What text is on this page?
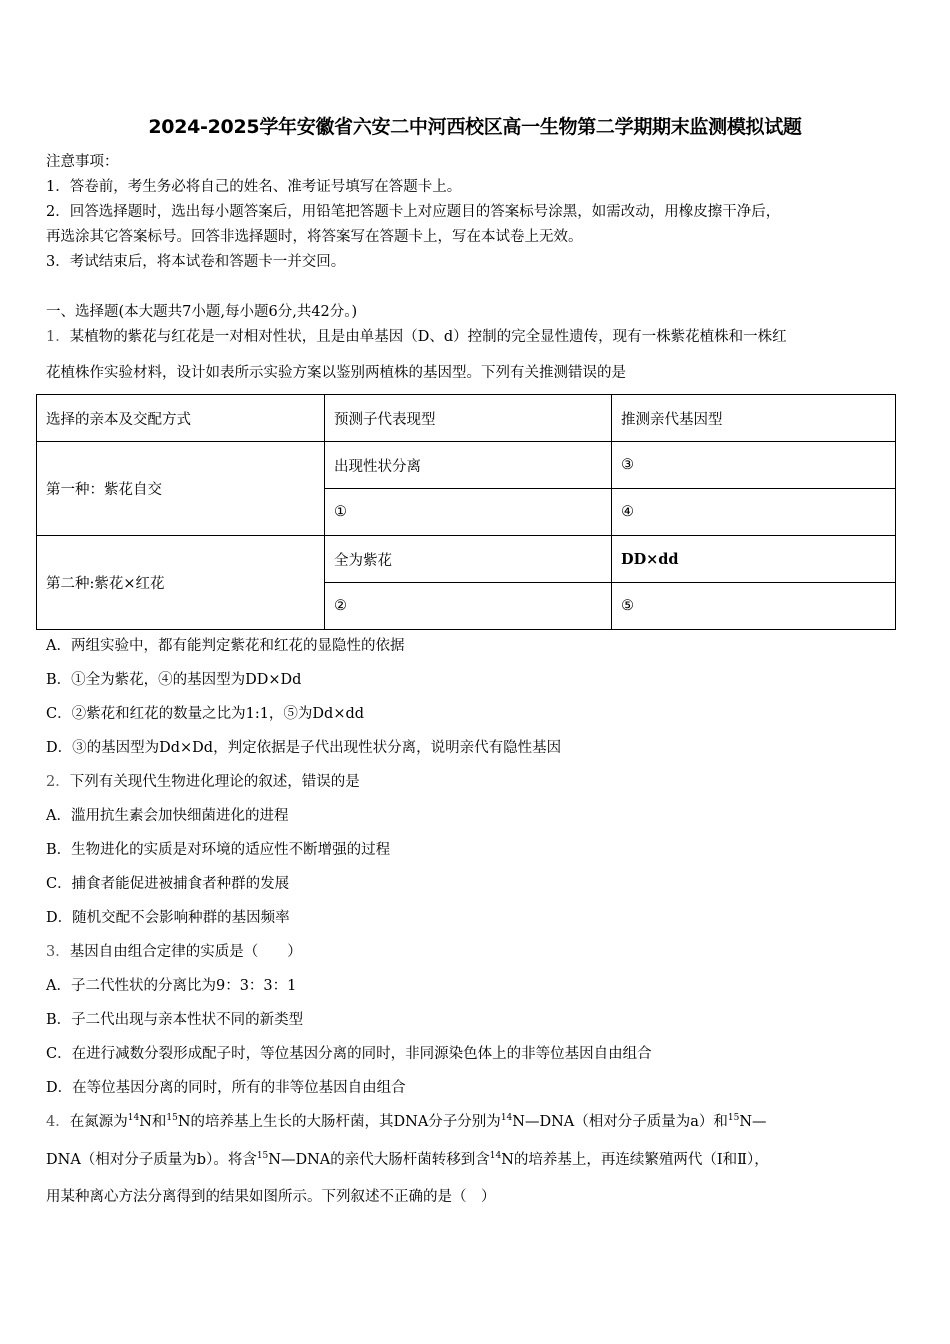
2024-2025学年安徽省六安二中河西校区高一生物第二学期期末监测模拟试题
注意事项：
1．答卷前，考生务必将自己的姓名、准考证号填写在答题卡上。
2．回答选择题时，选出每小题答案后，用铅笔把答题卡上对应题目的答案标号涂黑，如需改动，用橡皮擦干净后，
再选涂其它答案标号。回答非选择题时，将答案写在答题卡上，写在本试卷上无效。
3．考试结束后，将本试卷和答题卡一并交回。
一、选择题(本大题共7小题,每小题6分,共42分。)
1．某植物的紫花与红花是一对相对性状，且是由单基因（D、d）控制的完全显性遗传，现有一株紫花植株和一株红
花植株作实验材料，设计如表所示实验方案以鉴别两植株的基因型。下列有关推测错误的是
选择的亲本及交配方式	预测子代表现型	推测亲代基因型
第一种：紫花自交	出现性状分离	③
	①	④
第二种:紫花×红花	全为紫花	DD×dd
	②	⑤
A．两组实验中，都有能判定紫花和红花的显隐性的依据
B．①全为紫花，④的基因型为DD×Dd
C．②紫花和红花的数量之比为1:1，⑤为Dd×dd
D．③的基因型为Dd×Dd，判定依据是子代出现性状分离，说明亲代有隐性基因
2．下列有关现代生物进化理论的叙述，错误的是
A．滥用抗生素会加快细菌进化的进程
B．生物进化的实质是对环境的适应性不断增强的过程
C．捕食者能促进被捕食者种群的发展
D．随机交配不会影响种群的基因频率
3．基因自由组合定律的实质是（　　）
A．子二代性状的分离比为9：3：3：1
B．子二代出现与亲本性状不同的新类型
C．在进行减数分裂形成配子时，等位基因分离的同时，非同源染色体上的非等位基因自由组合
D．在等位基因分离的同时，所有的非等位基因自由组合
4．在氮源为$^{14}$N和$^{15}$N的培养基上生长的大肠杆菌，其DNA分子分别为$^{14}$N—DNA（相对分子质量为a）和$^{15}$N—
DNA（相对分子质量为b）。将含$^{15}$N—DNA的亲代大肠杆菌转移到含$^{14}$N的培养基上，再连续繁殖两代（Ⅰ和Ⅱ），
用某种离心方法分离得到的结果如图所示。下列叙述不正确的是（　）
